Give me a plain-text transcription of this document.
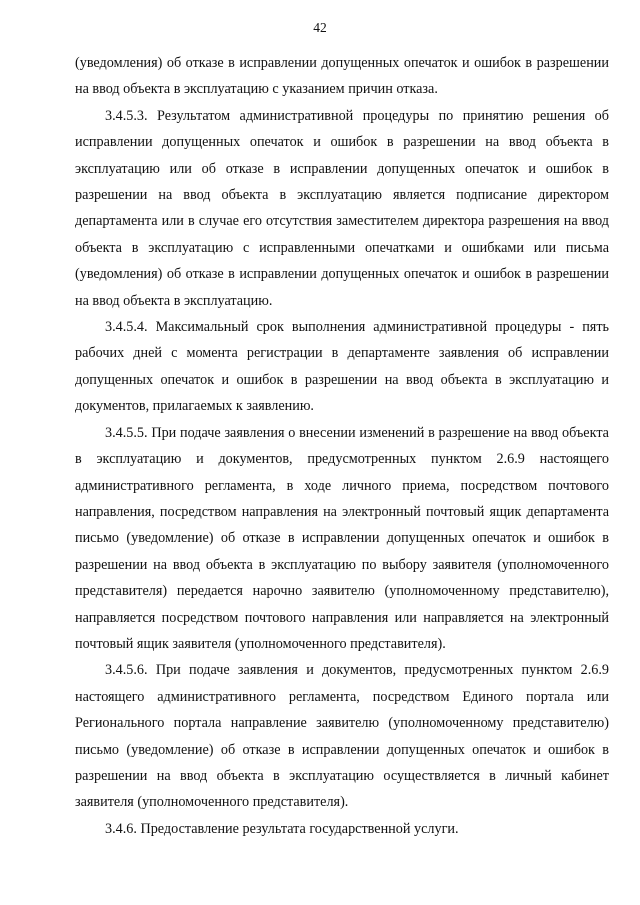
42

(уведомления) об отказе в исправлении допущенных опечаток и ошибок в разрешении на ввод объекта в эксплуатацию с указанием причин отказа.

3.4.5.3. Результатом административной процедуры по принятию решения об исправлении допущенных опечаток и ошибок в разрешении на ввод объекта в эксплуатацию или об отказе в исправлении допущенных опечаток и ошибок в разрешении на ввод объекта в эксплуатацию является подписание директором департамента или в случае его отсутствия заместителем директора разрешения на ввод объекта в эксплуатацию с исправленными опечатками и ошибками или письма (уведомления) об отказе в исправлении допущенных опечаток и ошибок в разрешении на ввод объекта в эксплуатацию.

3.4.5.4. Максимальный срок выполнения административной процедуры - пять рабочих дней с момента регистрации в департаменте заявления об исправлении допущенных опечаток и ошибок в разрешении на ввод объекта в эксплуатацию и документов, прилагаемых к заявлению.

3.4.5.5. При подаче заявления о внесении изменений в разрешение на ввод объекта в эксплуатацию и документов, предусмотренных пунктом 2.6.9 настоящего административного регламента, в ходе личного приема, посредством почтового направления, посредством направления на электронный почтовый ящик департамента письмо (уведомление) об отказе в исправлении допущенных опечаток и ошибок в разрешении на ввод объекта в эксплуатацию по выбору заявителя (уполномоченного представителя) передается нарочно заявителю (уполномоченному представителю), направляется посредством почтового направления или направляется на электронный почтовый ящик заявителя (уполномоченного представителя).

3.4.5.6. При подаче заявления и документов, предусмотренных пунктом 2.6.9 настоящего административного регламента, посредством Единого портала или Регионального портала направление заявителю (уполномоченному представителю) письмо (уведомление) об отказе в исправлении допущенных опечаток и ошибок в разрешении на ввод объекта в эксплуатацию осуществляется в личный кабинет заявителя (уполномоченного представителя).

3.4.6. Предоставление результата государственной услуги.
